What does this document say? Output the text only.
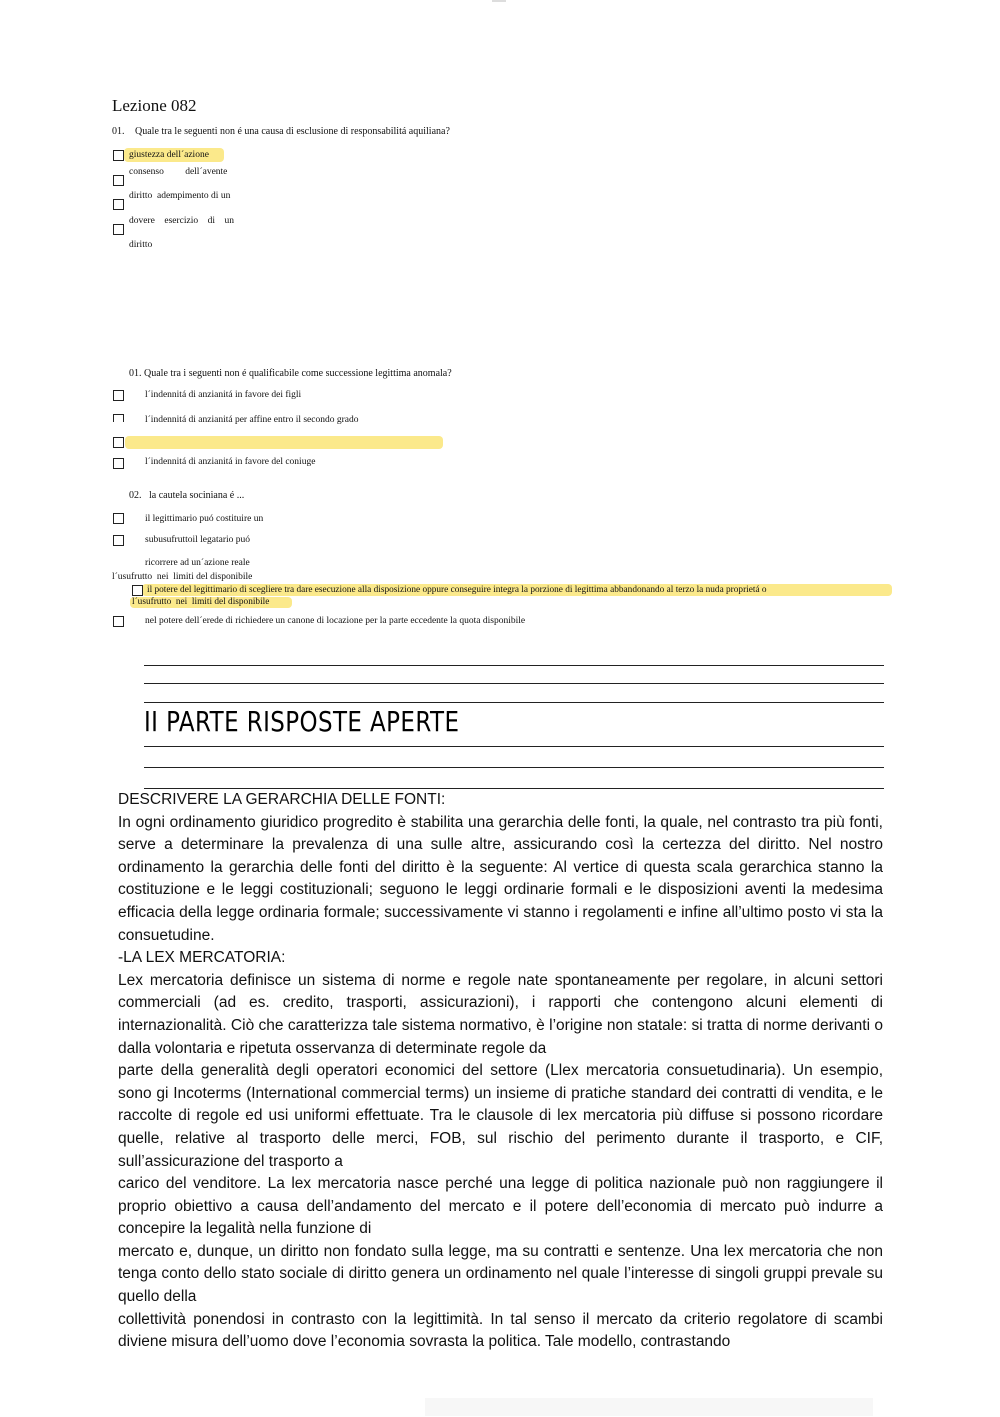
Lezione 082
01. Quale tra le seguenti non é una causa di esclusione di responsabilitá aquiliana?
giustezza dell´azione
consenso         dell´avente
diritto  adempimento di un
dovere    esercizio    di    un
diritto
01. Quale tra i seguenti non é qualificabile come successione legittima anomala?
l´indennitá di anzianitá in favore dei figli
l´indennitá di anzianitá per affine entro il secondo grado
l´indennitá di anzianitá in favore del coniuge
02.   la cautela sociniana é ...
il legittimario puó costituire un
subusufruttoil legatario puó
ricorrere ad un´azione reale
l´usufrutto  nei  limiti del disponibile
il potere del legittimario di scegliere tra dare esecuzione alla disposizione oppure conseguire integra la porzione di legittima abbandonando al terzo la nuda proprietá o
l´usufrutto  nei  limiti del disponibile
nel potere dell´erede di richiedere un canone di locazione per la parte eccedente la quota disponibile
II PARTE RISPOSTE APERTE

DESCRIVERE LA GERARCHIA DELLE FONTI:

In ogni ordinamento giuridico progredito è stabilita una gerarchia delle fonti, la quale, nel contrasto tra più fonti, serve a determinare la prevalenza di una sulle altre, assicurando così la certezza del diritto. Nel nostro ordinamento la gerarchia delle fonti del diritto è la seguente: Al vertice di questa scala gerarchica stanno la costituzione e le leggi costituzionali; seguono le leggi ordinarie formali e le disposizioni aventi la medesima efficacia della legge ordinaria formale; successivamente vi stanno i regolamenti e infine all’ultimo posto vi sta la consuetudine.

-LA LEX MERCATORIA:

Lex mercatoria definisce un sistema di norme e regole nate spontaneamente per regolare, in alcuni settori commerciali (ad es. credito, trasporti, assicurazioni), i rapporti che contengono alcuni elementi di internazionalità. Ciò che caratterizza tale sistema normativo, è l’origine non statale: si tratta di norme derivanti o dalla volontaria e ripetuta osservanza di determinate regole da

parte della generalità degli operatori economici del settore (Llex mercatoria consuetudinaria). Un esempio, sono gi Incoterms (International commercial terms) un insieme di pratiche standard dei contratti di vendita, e le raccolte di regole ed usi uniformi effettuate. Tra le clausole di lex mercatoria più diffuse si possono ricordare quelle, relative al trasporto delle merci, FOB, sul rischio del perimento durante il trasporto, e CIF, sull’assicurazione del trasporto a

carico del venditore. La lex mercatoria nasce perché una legge di politica nazionale può non raggiungere il proprio obiettivo a causa dell’andamento del mercato e il potere dell’economia di mercato può indurre a concepire la legalità nella funzione di

mercato e, dunque, un diritto non fondato sulla legge, ma su contratti e sentenze. Una lex mercatoria che non tenga conto dello stato sociale di diritto genera un ordinamento nel quale l’interesse di singoli gruppi prevale su quello della

collettività ponendosi in contrasto con la legittimità. In tal senso il mercato da criterio regolatore di scambi diviene misura dell’uomo dove l’economia sovrasta la politica. Tale modello, contrastando
